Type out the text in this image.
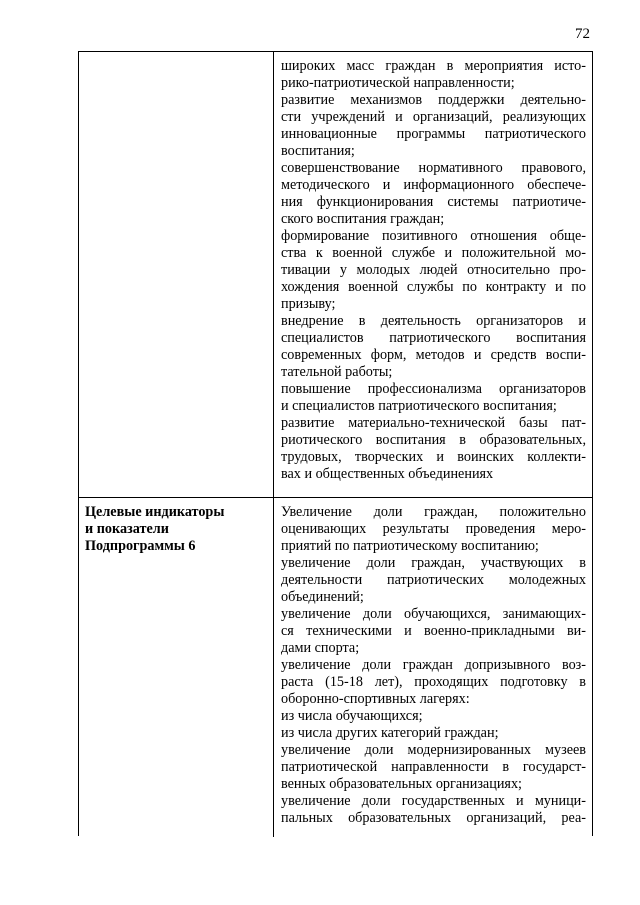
72
широких масс граждан в мероприятия исто-
рико-патриотической направленности;
развитие механизмов поддержки деятельно-
сти учреждений и организаций, реализующих
инновационные программы патриотического
воспитания;
совершенствование нормативного правового,
методического и информационного обеспече-
ния функционирования системы патриотиче-
ского воспитания граждан;
формирование позитивного отношения обще-
ства к военной службе и положительной мо-
тивации у молодых людей относительно про-
хождения военной службы по контракту и по
призыву;
внедрение в деятельность организаторов и
специалистов патриотического воспитания
современных форм, методов и средств воспи-
тательной работы;
повышение профессионализма организаторов
и специалистов патриотического воспитания;
развитие материально-технической базы пат-
риотического воспитания в образовательных,
трудовых, творческих и воинских коллекти-
вах и общественных объединениях
Целевые индикаторы
и показатели
Подпрограммы 6
Увеличение доли граждан, положительно
оценивающих результаты проведения меро-
приятий по патриотическому воспитанию;
увеличение доли граждан, участвующих в
деятельности патриотических молодежных
объединений;
увеличение доли обучающихся, занимающих-
ся техническими и военно-прикладными ви-
дами спорта;
увеличение доли граждан допризывного воз-
раста (15-18 лет), проходящих подготовку в
оборонно-спортивных лагерях:
из числа обучающихся;
из числа других категорий граждан;
увеличение доли модернизированных музеев
патриотической направленности в государст-
венных образовательных организациях;
увеличение доли государственных и муници-
пальных образовательных организаций, реа-
